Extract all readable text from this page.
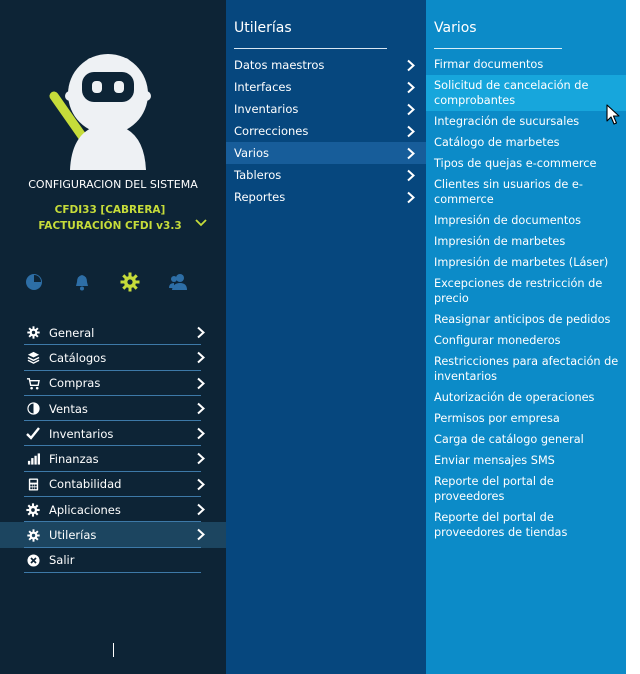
CONFIGURACION DEL SISTEMA
CFDI33 [CABRERA]
FACTURACIÓN CFDI v3.3
General
Catálogos
Compras
Ventas
Inventarios
Finanzas
Contabilidad
Aplicaciones
Utilerías
Salir
Utilerías
Datos maestros
Interfaces
Inventarios
Correcciones
Varios
Tableros
Reportes
Varios
Firmar documentos
Solicitud de cancelación de comprobantes
Integración de sucursales
Catálogo de marbetes
Tipos de quejas e-commerce
Clientes sin usuarios de e-commerce
Impresión de documentos
Impresión de marbetes
Impresión de marbetes (Láser)
Excepciones de restricción de precio
Reasignar anticipos de pedidos
Configurar monederos
Restricciones para afectación de inventarios
Autorización de operaciones
Permisos por empresa
Carga de catálogo general
Enviar mensajes SMS
Reporte del portal de proveedores
Reporte del portal de proveedores de tiendas
